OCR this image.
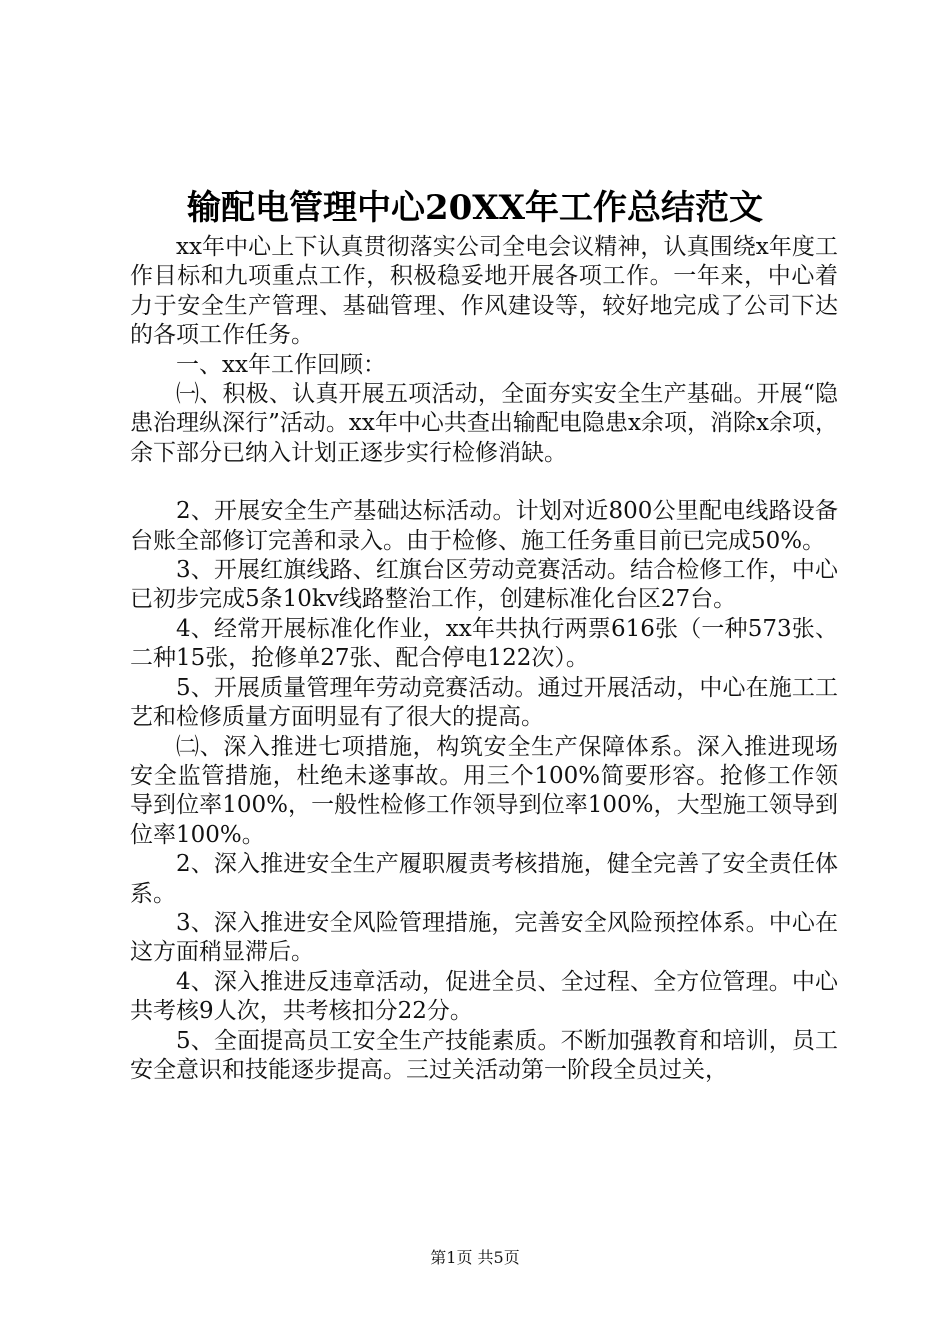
输配电管理中心20XX年工作总结范文

xx年中心上下认真贯彻落实公司全电会议精神，认真围绕x年度工作目标和九项重点工作，积极稳妥地开展各项工作。一年来，中心着力于安全生产管理、基础管理、作风建设等，较好地完成了公司下达的各项工作任务。

一、xx年工作回顾：

㈠、积极、认真开展五项活动，全面夯实安全生产基础。开展“隐患治理纵深行”活动。xx年中心共查出输配电隐患x余项，消除x余项，余下部分已纳入计划正逐步实行检修消缺。

2、开展安全生产基础达标活动。计划对近800公里配电线路设备台账全部修订完善和录入。由于检修、施工任务重目前已完成50%。

3、开展红旗线路、红旗台区劳动竞赛活动。结合检修工作，中心已初步完成5条10kv线路整治工作，创建标准化台区27台。

4、经常开展标准化作业，xx年共执行两票616张（一种573张、二种15张，抢修单27张、配合停电122次）。

5、开展质量管理年劳动竞赛活动。通过开展活动，中心在施工工艺和检修质量方面明显有了很大的提高。

㈡、深入推进七项措施，构筑安全生产保障体系。深入推进现场安全监管措施，杜绝未遂事故。用三个100%简要形容。抢修工作领导到位率100%，一般性检修工作领导到位率100%，大型施工领导到位率100%。

2、深入推进安全生产履职履责考核措施，健全完善了安全责任体系。

3、深入推进安全风险管理措施，完善安全风险预控体系。中心在这方面稍显滞后。

4、深入推进反违章活动，促进全员、全过程、全方位管理。中心共考核9人次，共考核扣分22分。

5、全面提高员工安全生产技能素质。不断加强教育和培训，员工安全意识和技能逐步提高。三过关活动第一阶段全员过关，

第1页 共5页
